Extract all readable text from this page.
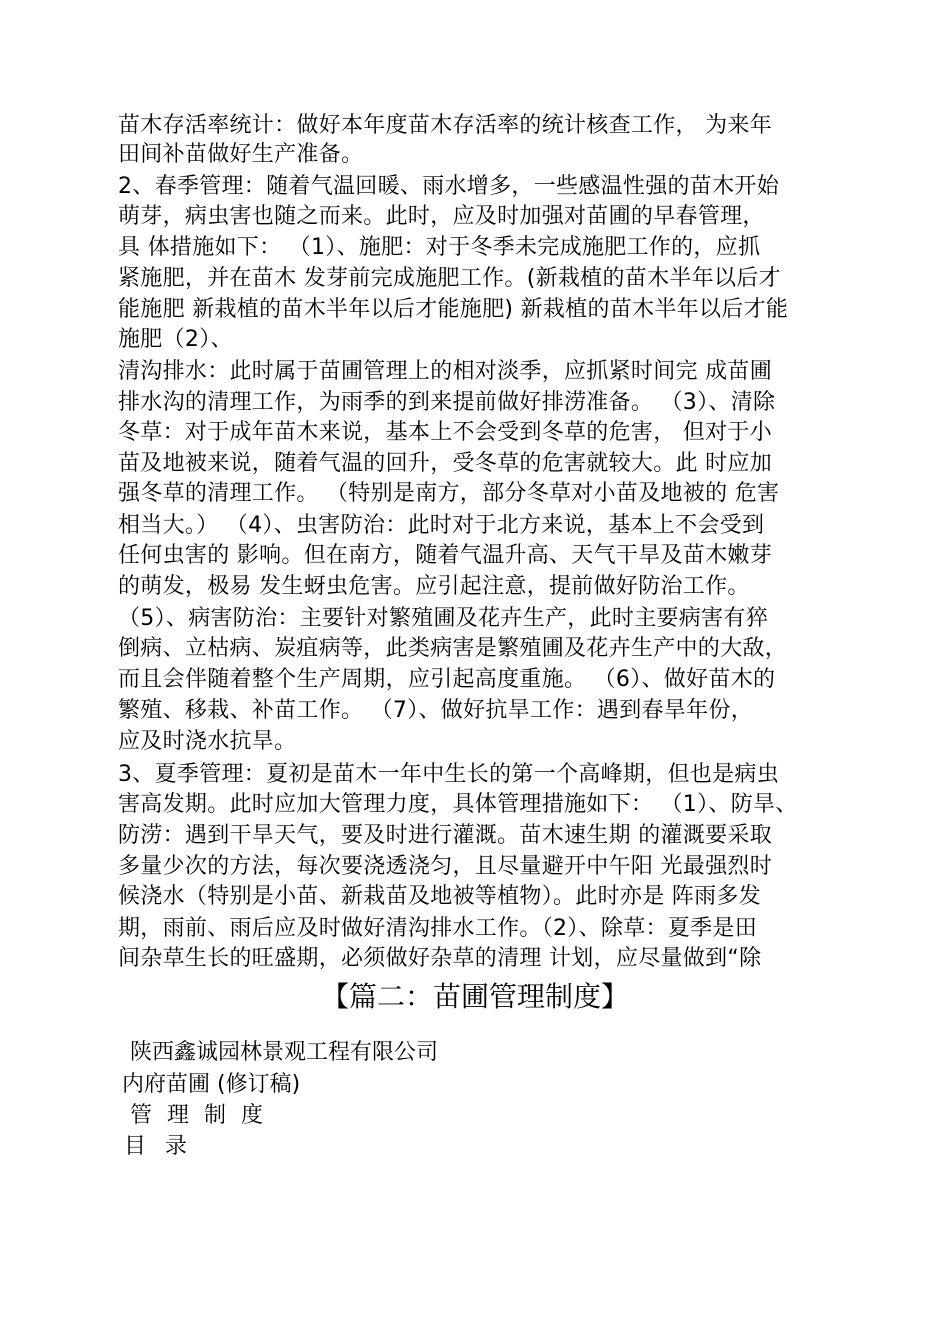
苗木存活率统计：做好本年度苗木存活率的统计核查工作， 为来年
田间补苗做好生产准备。
2、春季管理：随着气温回暖、雨水增多，一些感温性强的苗木开始
萌芽，病虫害也随之而来。此时，应及时加强对苗圃的早春管理，
具 体措施如下： （1）、施肥：对于冬季未完成施肥工作的，应抓
紧施肥，并在苗木 发芽前完成施肥工作。(新栽植的苗木半年以后才
能施肥 新栽植的苗木半年以后才能施肥) 新栽植的苗木半年以后才能
施肥（2）、
清沟排水：此时属于苗圃管理上的相对淡季，应抓紧时间完 成苗圃
排水沟的清理工作，为雨季的到来提前做好排涝准备。 （3）、清除
冬草：对于成年苗木来说，基本上不会受到冬草的危害， 但对于小
苗及地被来说，随着气温的回升，受冬草的危害就较大。此 时应加
强冬草的清理工作。 （特别是南方，部分冬草对小苗及地被的 危害
相当大。） （4）、虫害防治：此时对于北方来说，基本上不会受到
任何虫害的 影响。但在南方，随着气温升高、天气干旱及苗木嫩芽
的萌发，极易 发生蚜虫危害。应引起注意，提前做好防治工作。
（5）、病害防治：主要针对繁殖圃及花卉生产，此时主要病害有猝
倒病、立枯病、炭疽病等，此类病害是繁殖圃及花卉生产中的大敌，
而且会伴随着整个生产周期，应引起高度重施。 （6）、做好苗木的
繁殖、移栽、补苗工作。 （7）、做好抗旱工作：遇到春旱年份，
应及时浇水抗旱。
3、夏季管理：夏初是苗木一年中生长的第一个高峰期，但也是病虫
害高发期。此时应加大管理力度，具体管理措施如下： （1）、防旱、
防涝：遇到干旱天气，要及时进行灌溉。苗木速生期 的灌溉要采取
多量少次的方法，每次要浇透浇匀，且尽量避开中午阳 光最强烈时
候浇水（特别是小苗、新栽苗及地被等植物）。此时亦是 阵雨多发
期，雨前、雨后应及时做好清沟排水工作。（2）、除草：夏季是田
间杂草生长的旺盛期，必须做好杂草的清理 计划，应尽量做到“除
【篇二：苗圃管理制度】
陕西鑫诚园林景观工程有限公司
内府苗圃 (修订稿)
管 理 制 度
目 录
